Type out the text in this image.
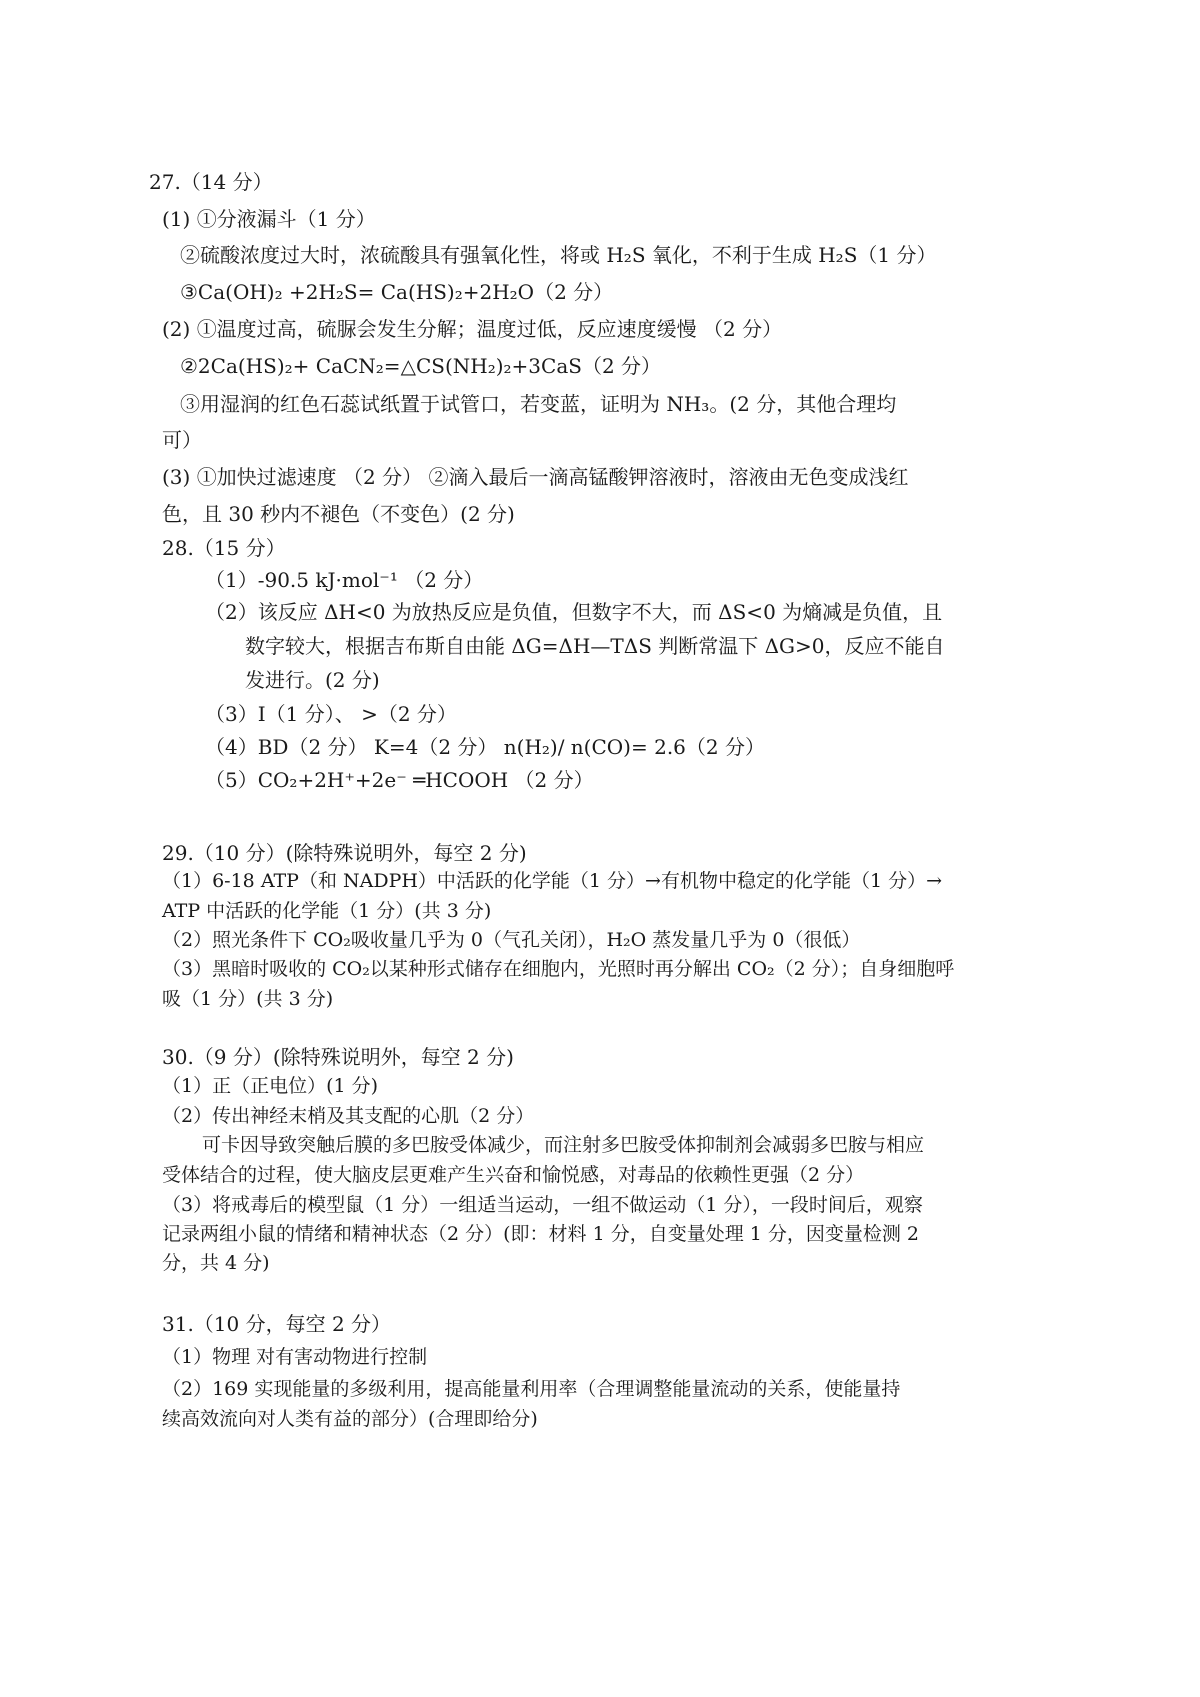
27.（14 分）
(1) ①分液漏斗（1 分）
②硫酸浓度过大时，浓硫酸具有强氧化性，将或 H₂S 氧化，不利于生成 H₂S（1 分）
③Ca(OH)₂ +2H₂S= Ca(HS)₂+2H₂O（2 分）
(2) ①温度过高，硫脲会发生分解；温度过低，反应速度缓慢 （2 分）
②2Ca(HS)₂+ CaCN₂=△CS(NH₂)₂+3CaS（2 分）
③用湿润的红色石蕊试纸置于试管口，若变蓝，证明为 NH₃。(2 分，其他合理均
可）
(3) ①加快过滤速度 （2 分） ②滴入最后一滴高锰酸钾溶液时，溶液由无色变成浅红
色，且 30 秒内不褪色（不变色）(2 分)
28.（15 分）
（1）-90.5 kJ·mol⁻¹ （2 分）
（2）该反应 ΔH<0 为放热反应是负值，但数字不大，而 ΔS<0 为熵减是负值，且
数字较大，根据吉布斯自由能 ΔG=ΔH—TΔS 判断常温下 ΔG>0，反应不能自
发进行。(2 分)
（3）I（1 分）、 >（2 分）
（4）BD（2 分） K=4（2 分） n(H₂)/ n(CO)= 2.6（2 分）
（5）CO₂+2H⁺+2e⁻ ═HCOOH （2 分）
29.（10 分）(除特殊说明外，每空 2 分)
（1）6-18 ATP（和 NADPH）中活跃的化学能（1 分）→有机物中稳定的化学能（1 分）→
ATP 中活跃的化学能（1 分）(共 3 分)
（2）照光条件下 CO₂吸收量几乎为 0（气孔关闭），H₂O 蒸发量几乎为 0（很低）
（3）黑暗时吸收的 CO₂以某种形式储存在细胞内，光照时再分解出 CO₂（2 分）；自身细胞呼
吸（1 分）(共 3 分)
30.（9 分）(除特殊说明外，每空 2 分)
（1）正（正电位）(1 分)
（2）传出神经末梢及其支配的心肌（2 分）
可卡因导致突触后膜的多巴胺受体减少，而注射多巴胺受体抑制剂会减弱多巴胺与相应
受体结合的过程，使大脑皮层更难产生兴奋和愉悦感，对毒品的依赖性更强（2 分）
（3）将戒毒后的模型鼠（1 分）一组适当运动，一组不做运动（1 分），一段时间后，观察
记录两组小鼠的情绪和精神状态（2 分）(即：材料 1 分，自变量处理 1 分，因变量检测 2
分，共 4 分)
31.（10 分，每空 2 分）
（1）物理 对有害动物进行控制
（2）169 实现能量的多级利用，提高能量利用率（合理调整能量流动的关系，使能量持
续高效流向对人类有益的部分）(合理即给分)
